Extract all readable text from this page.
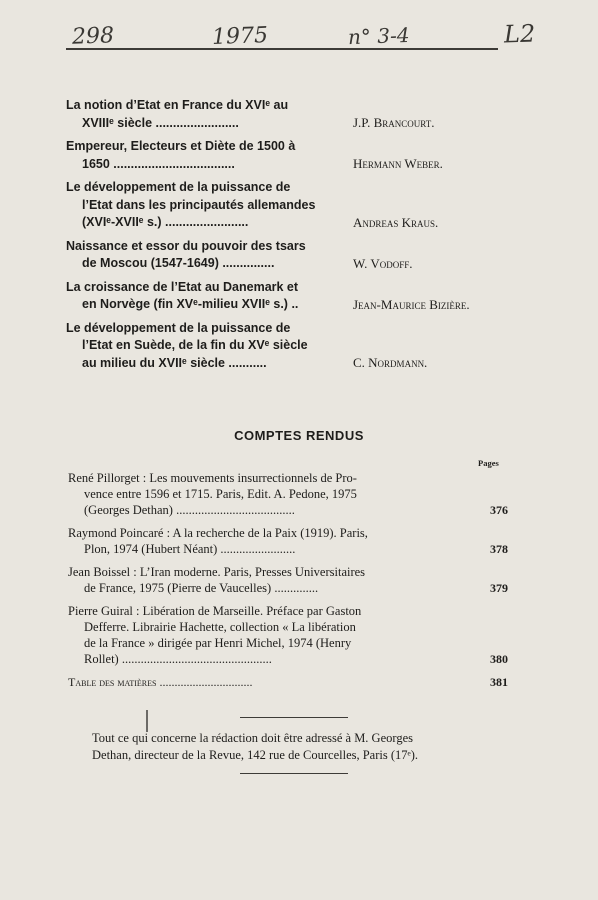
298	1975	n° 3-4	L2
La notion d’Etat en France du XVIᵉ au
XVIIIᵉ siècle ........................	J.P. Brancourt.
Empereur, Electeurs et Diète de 1500 à
1650 ...................................	Hermann Weber.
Le développement de la puissance de
l’Etat dans les principautés allemandes
(XVIᵉ-XVIIᵉ s.) ........................	Andreas Kraus.
Naissance et essor du pouvoir des tsars
de Moscou (1547-1649) ...............	W. Vodoff.
La croissance de l’Etat au Danemark et
en Norvège (fin XVᵉ-milieu XVIIᵉ s.) ..	Jean-Maurice Bizière.
Le développement de la puissance de
l’Etat en Suède, de la fin du XVᵉ siècle
au milieu du XVIIᵉ siècle ...........	C. Nordmann.
COMPTES RENDUS
Pages
René Pillorget : Les mouvements insurrectionnels de Pro-
vence entre 1596 et 1715. Paris, Edit. A. Pedone, 1975
(Georges Dethan) ......................................	376
Raymond Poincaré : A la recherche de la Paix (1919). Paris,
Plon, 1974 (Hubert Néant) ........................	378
Jean Boissel : L’Iran moderne. Paris, Presses Universitaires
de France, 1975 (Pierre de Vaucelles) ..............	379
Pierre Guiral : Libération de Marseille. Préface par Gaston
Defferre. Librairie Hachette, collection « La libération
de la France » dirigée par Henri Michel, 1974 (Henry
Rollet) ................................................	380
Table des matières ...............................	381
Tout ce qui concerne la rédaction doit être adressé à M. Georges
Dethan, directeur de la Revue, 142 rue de Courcelles, Paris (17ᵉ).
